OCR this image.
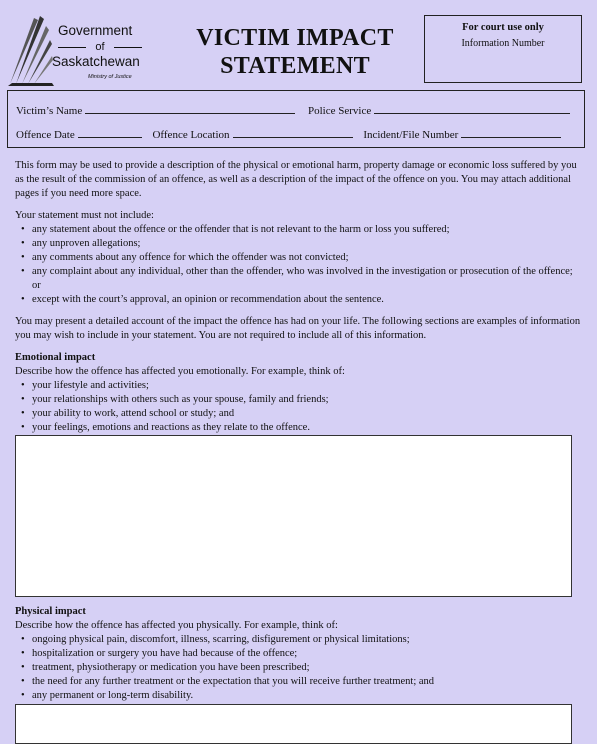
Government
of
Saskatchewan
Ministry of Justice
VICTIM IMPACT
STATEMENT
For court use only
Information Number
Victim’s Name	Police Service
Offence Date	Offence Location	Incident/File Number

This form may be used to provide a description of the physical or emotional harm, property damage or economic loss suffered by you as the result of the commission of an offence, as well as a description of the impact of the offence on you. You may attach additional pages if you need more space.

Your statement must not include:

• any statement about the offence or the offender that is not relevant to the harm or loss you suffered;
• any unproven allegations;
• any comments about any offence for which the offender was not convicted;
• any complaint about any individual, other than the offender, who was involved in the investigation or prosecution of the offence; or
• except with the court’s approval, an opinion or recommendation about the sentence.

You may present a detailed account of the impact the offence has had on your life. The following sections are examples of information you may wish to include in your statement. You are not required to include all of this information.

Emotional impact

Describe how the offence has affected you emotionally. For example, think of:

• your lifestyle and activities;
• your relationships with others such as your spouse, family and friends;
• your ability to work, attend school or study; and
• your feelings, emotions and reactions as they relate to the offence.

Physical impact

Describe how the offence has affected you physically. For example, think of:

• ongoing physical pain, discomfort, illness, scarring, disfigurement or physical limitations;
• hospitalization or surgery you have had because of the offence;
• treatment, physiotherapy or medication you have been prescribed;
• the need for any further treatment or the expectation that you will receive further treatment; and
• any permanent or long-term disability.
